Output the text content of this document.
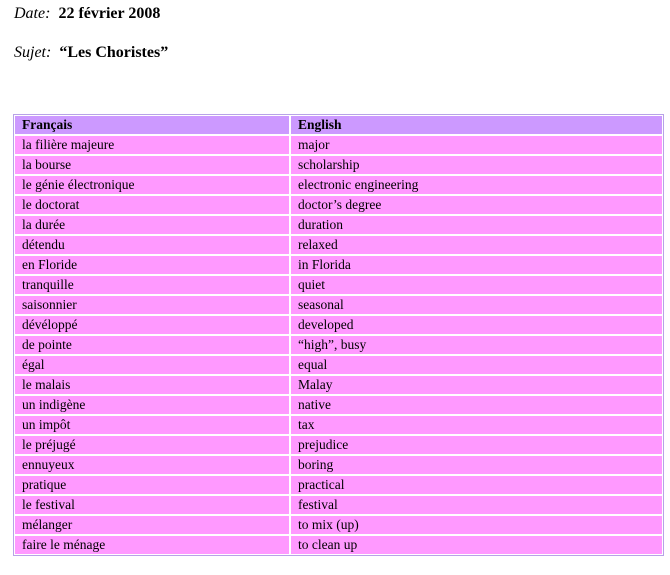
Date: 22 février 2008
Sujet: “Les Choristes”
Français	English
la filière majeure	major
la bourse	scholarship
le génie électronique	electronic engineering
le doctorat	doctor’s degree
la durée	duration
détendu	relaxed
en Floride	in Florida
tranquille	quiet
saisonnier	seasonal
dévéloppé	developed
de pointe	“high”, busy
égal	equal
le malais	Malay
un indigène	native
un impôt	tax
le préjugé	prejudice
ennuyeux	boring
pratique	practical
le festival	festival
mélanger	to mix (up)
faire le ménage	to clean up
